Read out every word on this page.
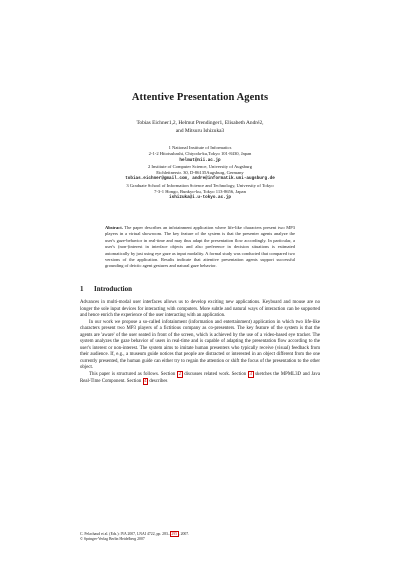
Attentive Presentation Agents
Tobias Eichner1,2, Helmut Prendinger1, Elisabeth André2,
and Mitsuru Ishizuka3
1 National Institute of Informatics
2-1-2 Hitotsubashi, Chiyoda-ku,Tokyo 101-8430, Japan
helmut@nii.ac.jp
2 Institute of Computer Science, University of Augsburg
Eichleitnerstr. 30, D-86135Augsburg, Germany
tobias.eichner@gmail.com, andre@informatik.uni-augsburg.de
3 Graduate School of Information Science and Technology, University of Tokyo
7-3-1 Hongo, Bunkyo-ku, Tokyo 113-8656, Japan
ishizuka@i.u-tokyo.ac.jp
Abstract. The paper describes an infotainment application where life-like characters present two MP3 players in a virtual showroom. The key feature of the system is that the presenter agents analyze the user's gaze-behavior in real-time and may thus adapt the presentation flow accordingly. In particular, a user's (non-)interest in interface objects and also preference in decision situations is estimated automatically by just using eye gaze as input modality. A formal study was conducted that compared two versions of the application. Results indicate that attentive presentation agents support successful grounding of deictic agent gestures and natural gaze behavior.
1 Introduction

Advances in multi-modal user interfaces allows us to develop exciting new applications. Keyboard and mouse are no longer the sole input devices for interacting with computers. More subtle and natural ways of interaction can be supported and hence enrich the experience of the user interacting with an application.

In our work we propose a so-called infotainment (information and entertainment) application in which two life-like characters present two MP3 players of a fictitious company as co-presenters. The key feature of the system is that the agents are 'aware' of the user seated in front of the screen, which is achieved by the use of a video-based eye tracker. The system analyzes the gaze behavior of users in real-time and is capable of adapting the presentation flow according to the user's interest or non-interest. The system aims to imitate human presenters who typically receive (visual) feedback from their audience. If, e.g., a museum guide notices that people are distracted or interested in an object different from the one currently presented, the human guide can either try to regain the attention or shift the focus of the presentation to the other object.

This paper is structured as follows. Section 2 discusses related work. Section 3 sketches the MPML3D and Java Real-Time Component. Section 4 describes

C. Pelachaud et al. (Eds.): IVA 2007, LNAI 4722, pp. 283– 295 , 2007.
© Springer-Verlag Berlin Heidelberg 2007
